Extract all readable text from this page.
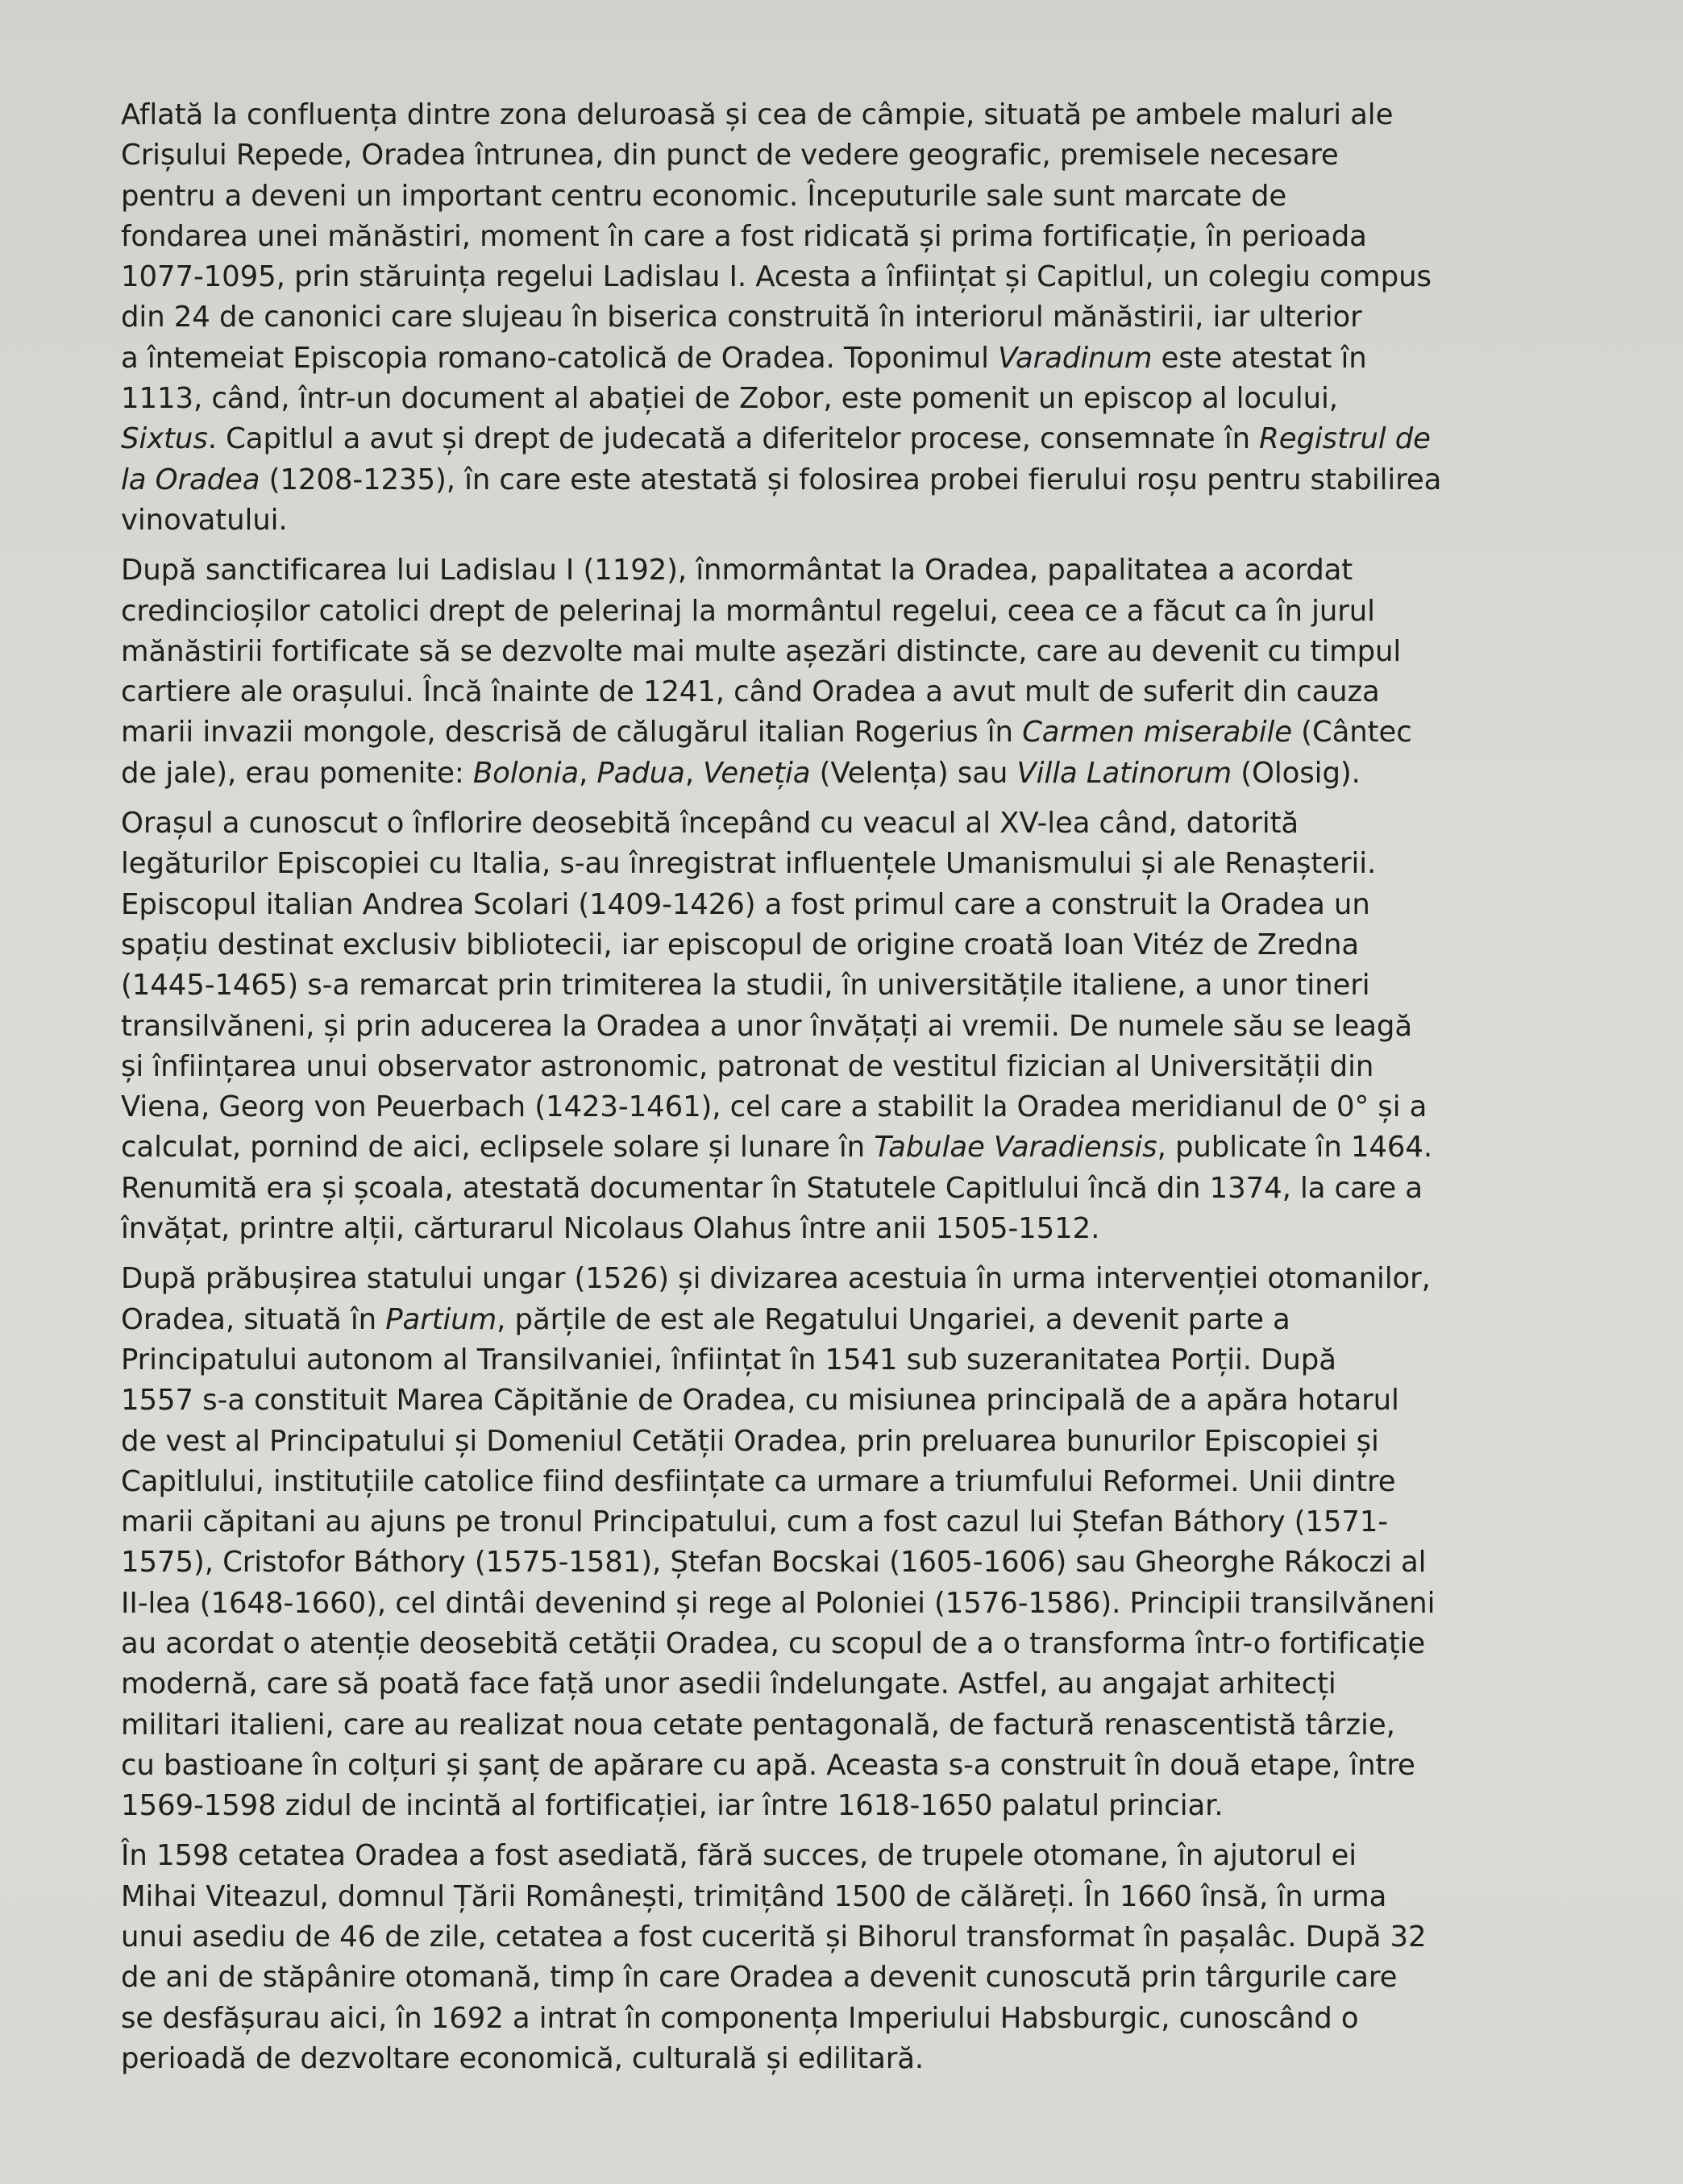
Aflată la confluența dintre zona deluroasă și cea de câmpie, situată pe ambele maluri ale
Crișului Repede, Oradea întrunea, din punct de vedere geografic, premisele necesare
pentru a deveni un important centru economic. Începuturile sale sunt marcate de
fondarea unei mănăstiri, moment în care a fost ridicată și prima fortificație, în perioada
1077-1095, prin stăruința regelui Ladislau I. Acesta a înființat și Capitlul, un colegiu compus
din 24 de canonici care slujeau în biserica construită în interiorul mănăstirii, iar ulterior
a întemeiat Episcopia romano-catolică de Oradea. Toponimul Varadinum este atestat în
1113, când, într-un document al abației de Zobor, este pomenit un episcop al locului,
Sixtus. Capitlul a avut și drept de judecată a diferitelor procese, consemnate în Registrul de
la Oradea (1208-1235), în care este atestată și folosirea probei fierului roșu pentru stabilirea
vinovatului.

După sanctificarea lui Ladislau I (1192), înmormântat la Oradea, papalitatea a acordat
credincioșilor catolici drept de pelerinaj la mormântul regelui, ceea ce a făcut ca în jurul
mănăstirii fortificate să se dezvolte mai multe așezări distincte, care au devenit cu timpul
cartiere ale orașului. Încă înainte de 1241, când Oradea a avut mult de suferit din cauza
marii invazii mongole, descrisă de călugărul italian Rogerius în Carmen miserabile (Cântec
de jale), erau pomenite: Bolonia, Padua, Veneția (Velența) sau Villa Latinorum (Olosig).

Orașul a cunoscut o înflorire deosebită începând cu veacul al XV-lea când, datorită
legăturilor Episcopiei cu Italia, s-au înregistrat influențele Umanismului și ale Renașterii.
Episcopul italian Andrea Scolari (1409-1426) a fost primul care a construit la Oradea un
spațiu destinat exclusiv bibliotecii, iar episcopul de origine croată Ioan Vitéz de Zredna
(1445-1465) s-a remarcat prin trimiterea la studii, în universitățile italiene, a unor tineri
transilvăneni, și prin aducerea la Oradea a unor învățați ai vremii. De numele său se leagă
și înființarea unui observator astronomic, patronat de vestitul fizician al Universității din
Viena, Georg von Peuerbach (1423-1461), cel care a stabilit la Oradea meridianul de 0° și a
calculat, pornind de aici, eclipsele solare și lunare în Tabulae Varadiensis, publicate în 1464.
Renumită era și școala, atestată documentar în Statutele Capitlului încă din 1374, la care a
învățat, printre alții, cărturarul Nicolaus Olahus între anii 1505-1512.

După prăbușirea statului ungar (1526) și divizarea acestuia în urma intervenției otomanilor,
Oradea, situată în Partium, părțile de est ale Regatului Ungariei, a devenit parte a
Principatului autonom al Transilvaniei, înființat în 1541 sub suzeranitatea Porții. După
1557 s-a constituit Marea Căpitănie de Oradea, cu misiunea principală de a apăra hotarul
de vest al Principatului și Domeniul Cetății Oradea, prin preluarea bunurilor Episcopiei și
Capitlului, instituțiile catolice fiind desființate ca urmare a triumfului Reformei. Unii dintre
marii căpitani au ajuns pe tronul Principatului, cum a fost cazul lui Ștefan Báthory (1571-
1575), Cristofor Báthory (1575-1581), Ștefan Bocskai (1605-1606) sau Gheorghe Rákoczi al
II-lea (1648-1660), cel dintâi devenind și rege al Poloniei (1576-1586). Principii transilvăneni
au acordat o atenție deosebită cetății Oradea, cu scopul de a o transforma într-o fortificație
modernă, care să poată face față unor asedii îndelungate. Astfel, au angajat arhitecți
militari italieni, care au realizat noua cetate pentagonală, de factură renascentistă târzie,
cu bastioane în colțuri și șanț de apărare cu apă. Aceasta s-a construit în două etape, între
1569-1598 zidul de incintă al fortificației, iar între 1618-1650 palatul princiar.

În 1598 cetatea Oradea a fost asediată, fără succes, de trupele otomane, în ajutorul ei
Mihai Viteazul, domnul Țării Românești, trimițând 1500 de călăreți. În 1660 însă, în urma
unui asediu de 46 de zile, cetatea a fost cucerită și Bihorul transformat în pașalâc. După 32
de ani de stăpânire otomană, timp în care Oradea a devenit cunoscută prin târgurile care
se desfășurau aici, în 1692 a intrat în componența Imperiului Habsburgic, cunoscând o
perioadă de dezvoltare economică, culturală și edilitară.
